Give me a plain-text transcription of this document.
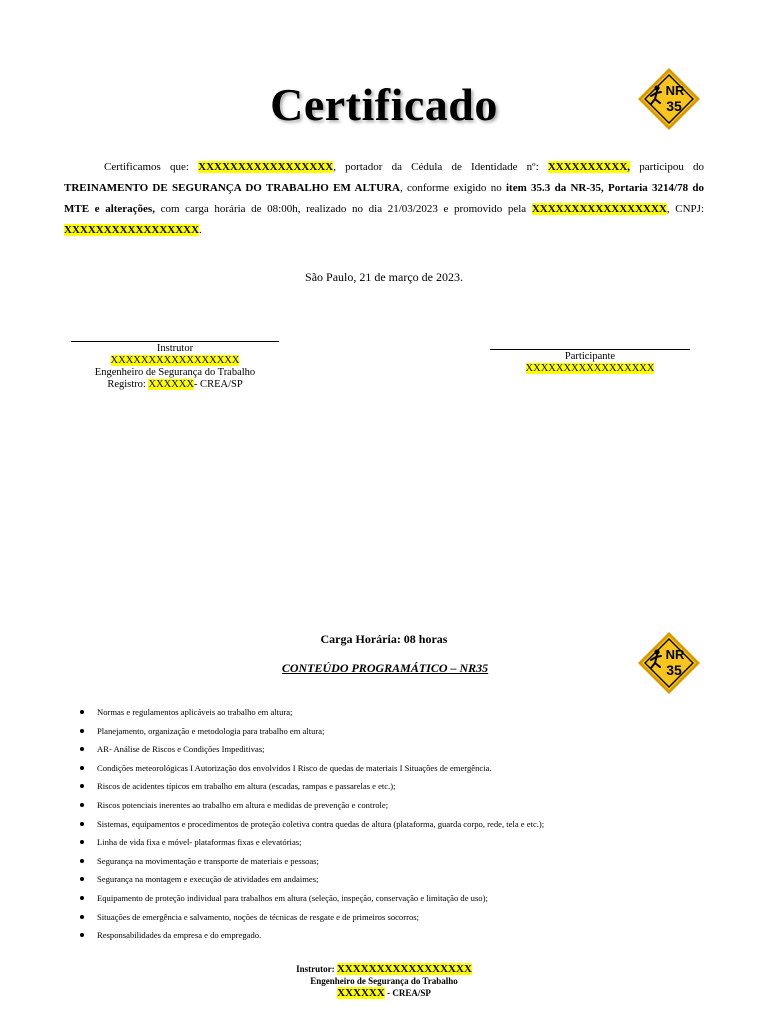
Certificado	NR
35
Certificamos que: XXXXXXXXXXXXXXXXX, portador da Cédula de Identidade nº: XXXXXXXXXX, participou do TREINAMENTO DE SEGURANÇA DO TRABALHO EM ALTURA, conforme exigido no item 35.3 da NR-35, Portaria 3214/78 do MTE e alterações, com carga horária de 08:00h, realizado no dia 21/03/2023 e promovido pela XXXXXXXXXXXXXXXXX, CNPJ: XXXXXXXXXXXXXXXXX.
São Paulo, 21 de março de 2023.
Instrutor
XXXXXXXXXXXXXXXXX
Engenheiro de Segurança do Trabalho
Registro: XXXXXX- CREA/SP
Participante
XXXXXXXXXXXXXXXXX
Carga Horária: 08 horas
CONTEÚDO PROGRAMÁTICO – NR35
NR
35
Normas e regulamentos aplicáveis ao trabalho em altura;
Planejamento, organização e metodologia para trabalho em altura;
AR- Análise de Riscos e Condições Impeditivas;
Condições meteorológicas I Autorização dos envolvidos I Risco de quedas de materiais I Situações de emergência.
Riscos de acidentes típicos em trabalho em altura (escadas, rampas e passarelas e etc.);
Riscos potenciais inerentes ao trabalho em altura e medidas de prevenção e controle;
Sistemas, equipamentos e procedimentos de proteção coletiva contra quedas de altura (plataforma, guarda corpo, rede, tela e etc.);
Linha de vida fixa e móvel- plataformas fixas e elevatórias;
Segurança na movimentação e transporte de materiais e pessoas;
Segurança na montagem e execução de atividades em andaimes;
Equipamento de proteção individual para trabalhos em altura (seleção, inspeção, conservação e limitação de uso);
Situações de emergência e salvamento, noções de técnicas de resgate e de primeiros socorros;
Responsabilidades da empresa e do empregado.
Instrutor: XXXXXXXXXXXXXXXXX
Engenheiro de Segurança do Trabalho
XXXXXX - CREA/SP
